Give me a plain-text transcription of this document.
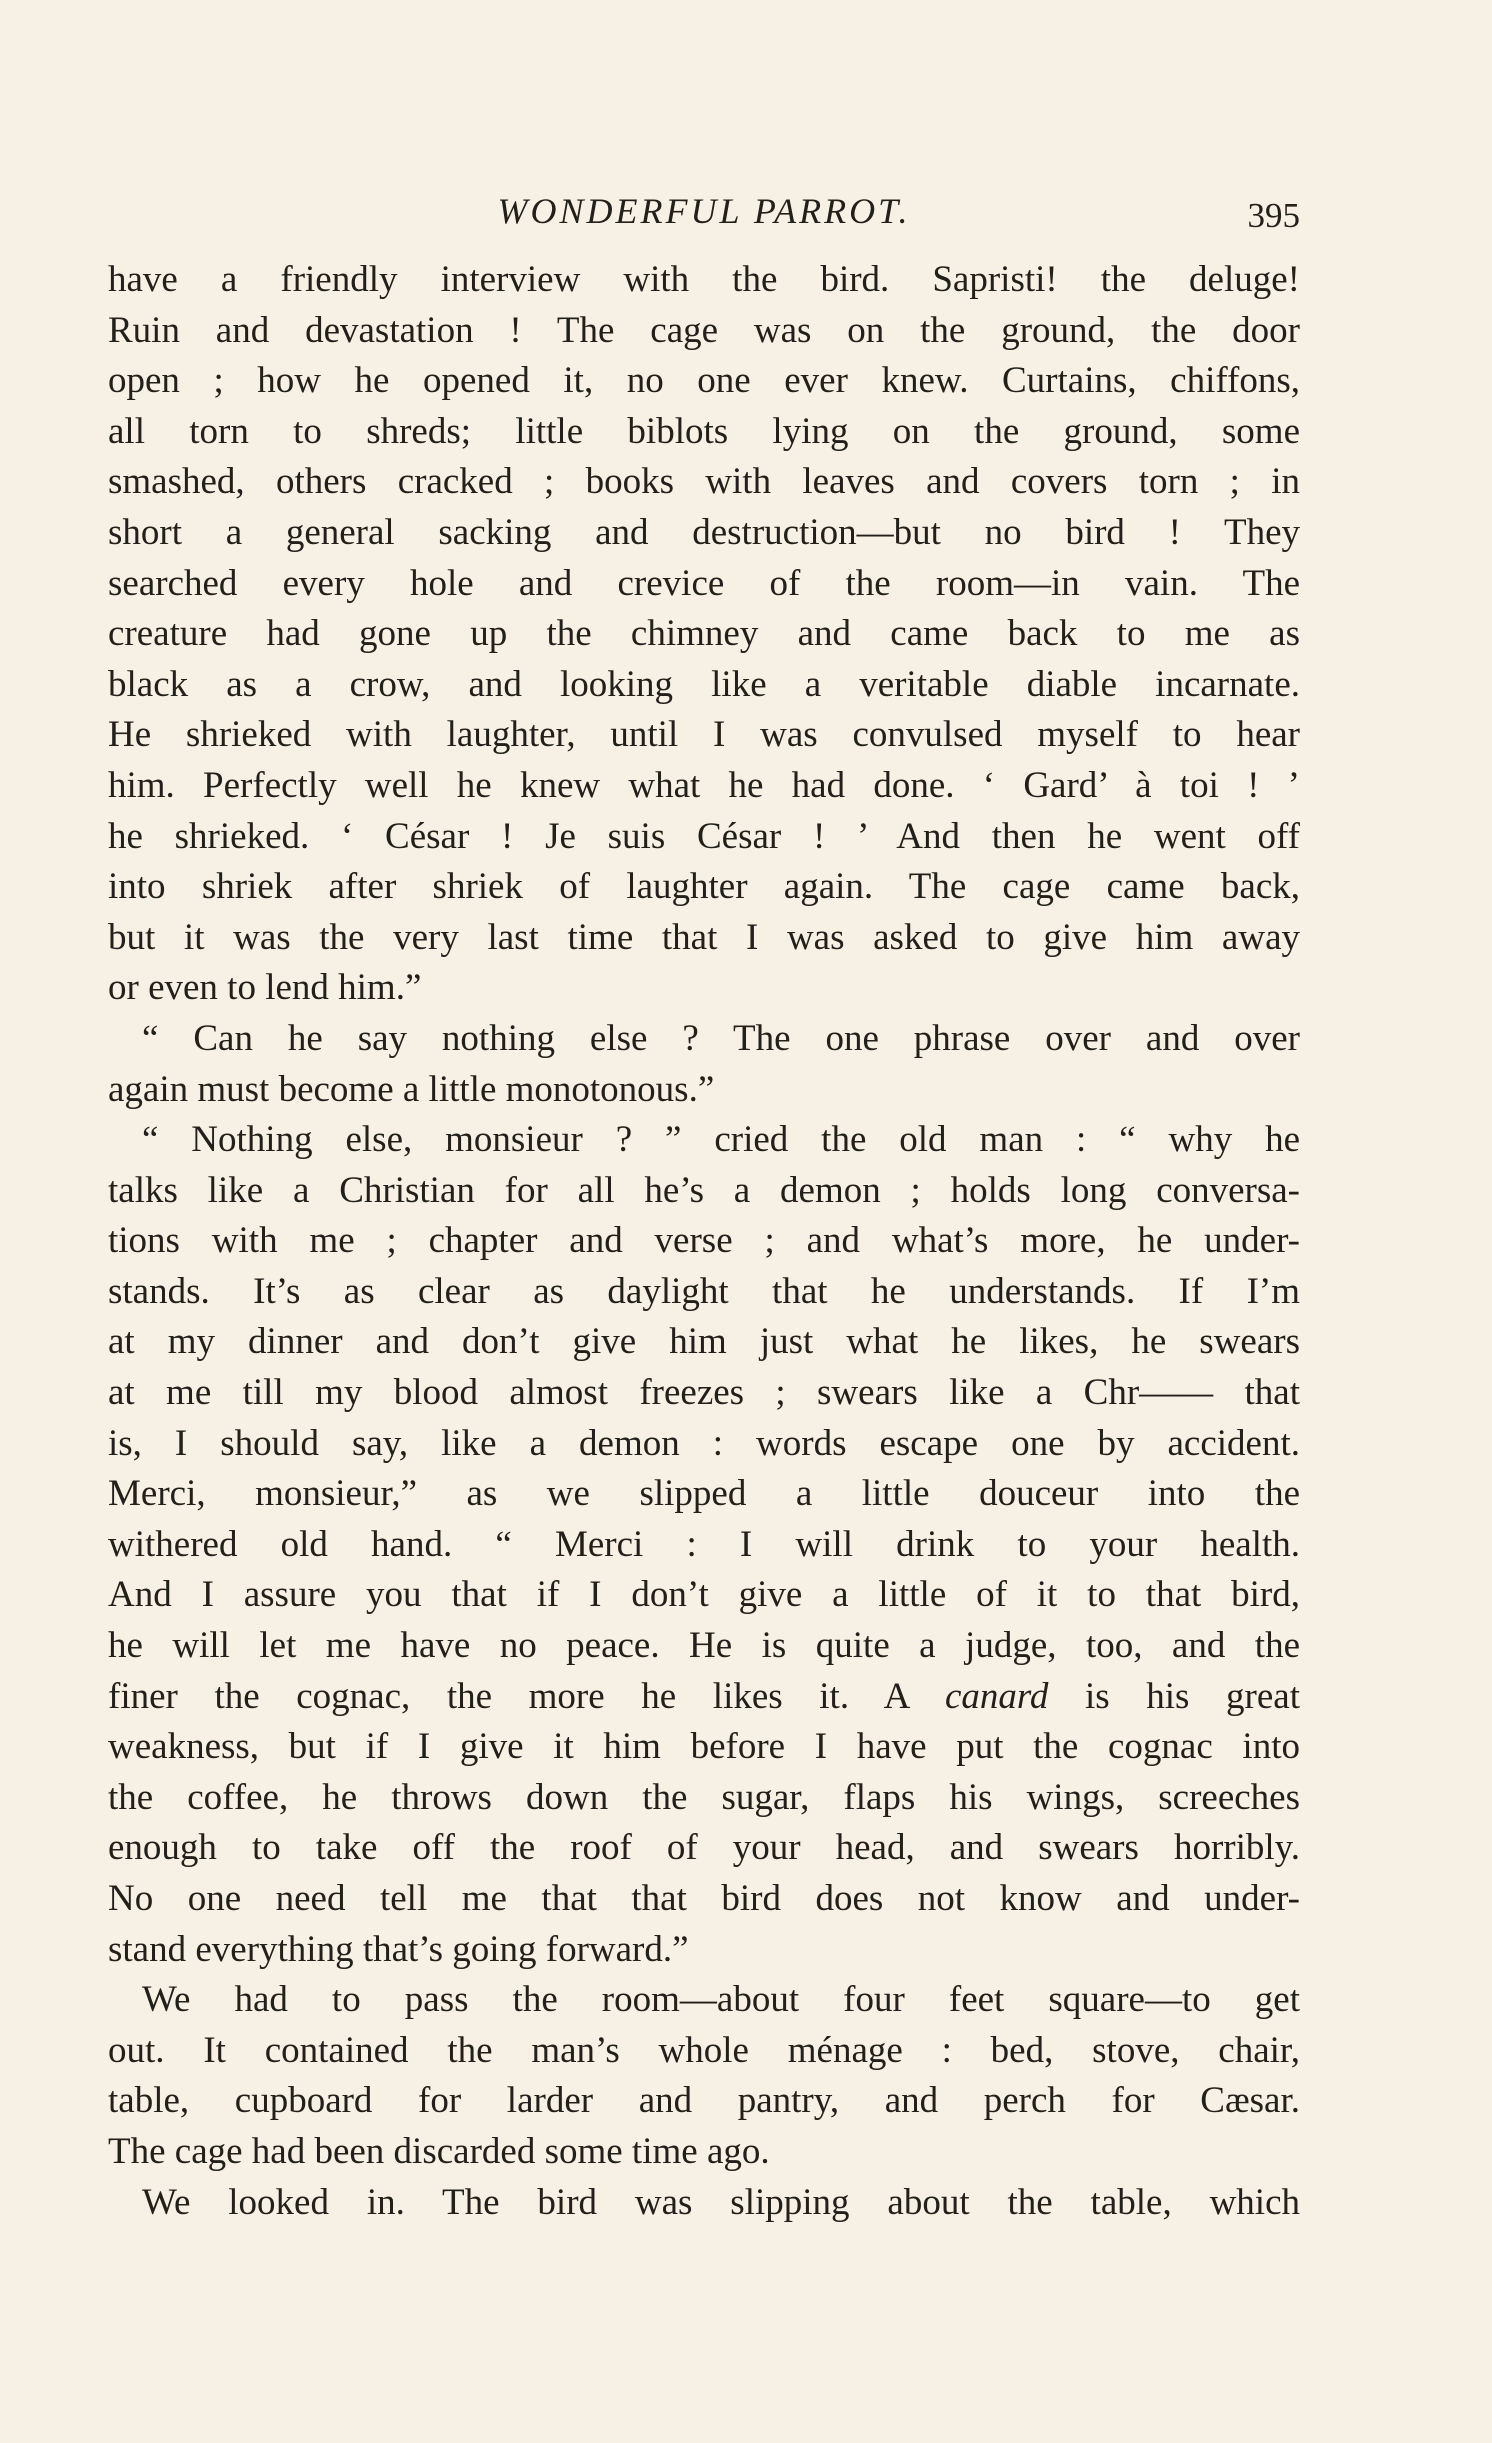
WONDERFUL PARROT.	395
have a friendly interview with the bird. Sapristi! the deluge!
Ruin and devastation ! The cage was on the ground, the door
open ; how he opened it, no one ever knew. Curtains, chiffons,
all torn to shreds; little biblots lying on the ground, some
smashed, others cracked ; books with leaves and covers torn ; in
short a general sacking and destruction—but no bird ! They
searched every hole and crevice of the room—in vain. The
creature had gone up the chimney and came back to me as
black as a crow, and looking like a veritable diable incarnate.
He shrieked with laughter, until I was convulsed myself to hear
him. Perfectly well he knew what he had done. ‘ Gard’ à toi ! ’
he shrieked. ‘ César ! Je suis César ! ’ And then he went off
into shriek after shriek of laughter again. The cage came back,
but it was the very last time that I was asked to give him away
or even to lend him.”
“ Can he say nothing else ? The one phrase over and over
again must become a little monotonous.”
“ Nothing else, monsieur ? ” cried the old man : “ why he
talks like a Christian for all he’s a demon ; holds long conversa-
tions with me ; chapter and verse ; and what’s more, he under-
stands. It’s as clear as daylight that he understands. If I’m
at my dinner and don’t give him just what he likes, he swears
at me till my blood almost freezes ; swears like a Chr—— that
is, I should say, like a demon : words escape one by accident.
Merci, monsieur,” as we slipped a little douceur into the
withered old hand. “ Merci : I will drink to your health.
And I assure you that if I don’t give a little of it to that bird,
he will let me have no peace. He is quite a judge, too, and the
finer the cognac, the more he likes it. A canard is his great
weakness, but if I give it him before I have put the cognac into
the coffee, he throws down the sugar, flaps his wings, screeches
enough to take off the roof of your head, and swears horribly.
No one need tell me that that bird does not know and under-
stand everything that’s going forward.”
We had to pass the room—about four feet square—to get
out. It contained the man’s whole ménage : bed, stove, chair,
table, cupboard for larder and pantry, and perch for Cæsar.
The cage had been discarded some time ago.
We looked in. The bird was slipping about the table, which
